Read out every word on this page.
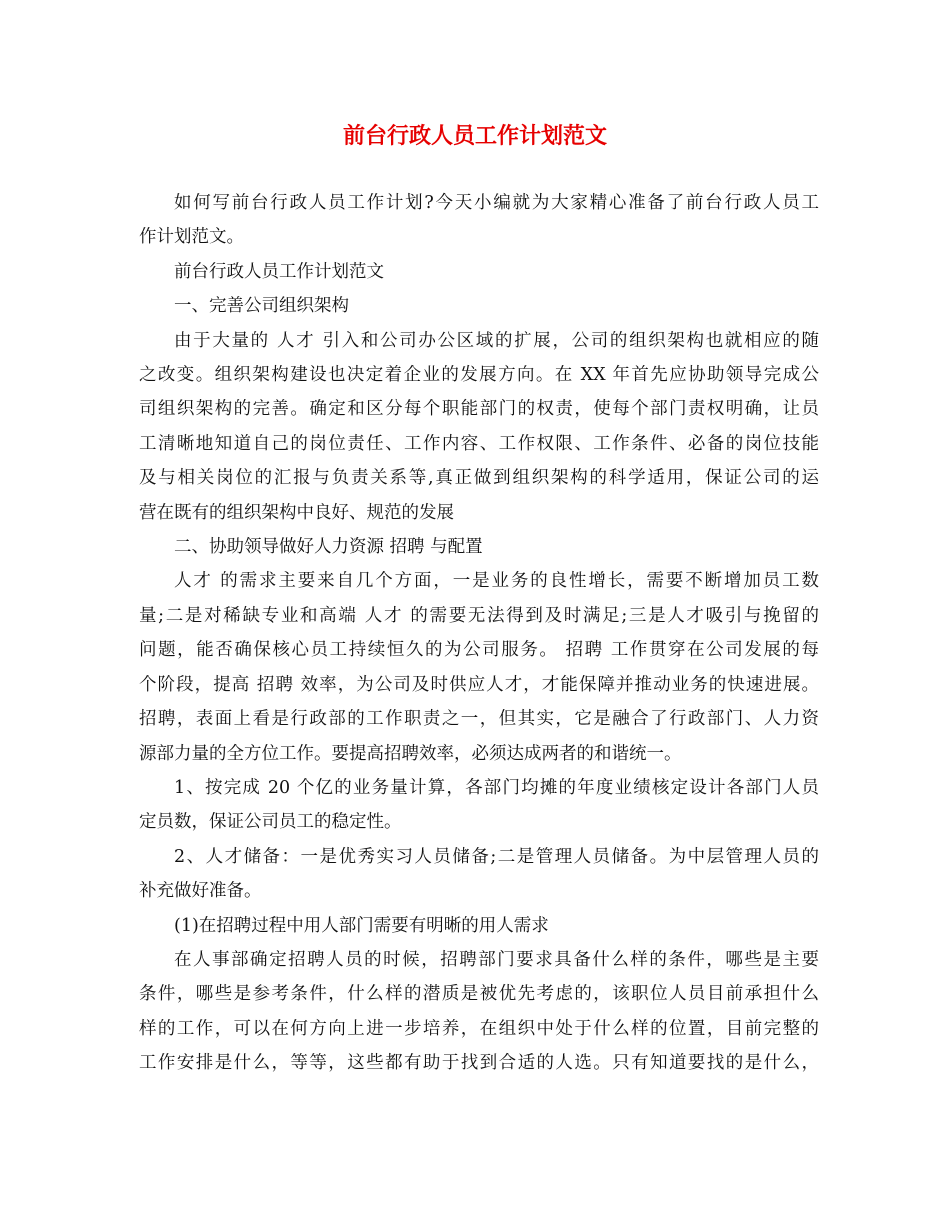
前台行政人员工作计划范文
如何写前台行政人员工作计划?今天小编就为大家精心准备了前台行政人员工
作计划范文。
前台行政人员工作计划范文
一、完善公司组织架构
由于大量的 人才 引入和公司办公区域的扩展，公司的组织架构也就相应的随
之改变。组织架构建设也决定着企业的发展方向。在 XX 年首先应协助领导完成公
司组织架构的完善。确定和区分每个职能部门的权责，使每个部门责权明确，让员
工清晰地知道自己的岗位责任、工作内容、工作权限、工作条件、必备的岗位技能
及与相关岗位的汇报与负责关系等,真正做到组织架构的科学适用，保证公司的运
营在既有的组织架构中良好、规范的发展
二、协助领导做好人力资源 招聘 与配置
人才 的需求主要来自几个方面，一是业务的良性增长，需要不断增加员工数
量;二是对稀缺专业和高端 人才 的需要无法得到及时满足;三是人才吸引与挽留的
问题，能否确保核心员工持续恒久的为公司服务。 招聘 工作贯穿在公司发展的每
个阶段，提高 招聘 效率，为公司及时供应人才，才能保障并推动业务的快速进展。
招聘，表面上看是行政部的工作职责之一，但其实，它是融合了行政部门、人力资
源部力量的全方位工作。要提高招聘效率，必须达成两者的和谐统一。
1、按完成 20 个亿的业务量计算，各部门均摊的年度业绩核定设计各部门人员
定员数，保证公司员工的稳定性。
2、人才储备：一是优秀实习人员储备;二是管理人员储备。为中层管理人员的
补充做好准备。
(1)在招聘过程中用人部门需要有明晰的用人需求
在人事部确定招聘人员的时候，招聘部门要求具备什么样的条件，哪些是主要
条件，哪些是参考条件，什么样的潜质是被优先考虑的，该职位人员目前承担什么
样的工作，可以在何方向上进一步培养，在组织中处于什么样的位置，目前完整的
工作安排是什么，等等，这些都有助于找到合适的人选。只有知道要找的是什么，
